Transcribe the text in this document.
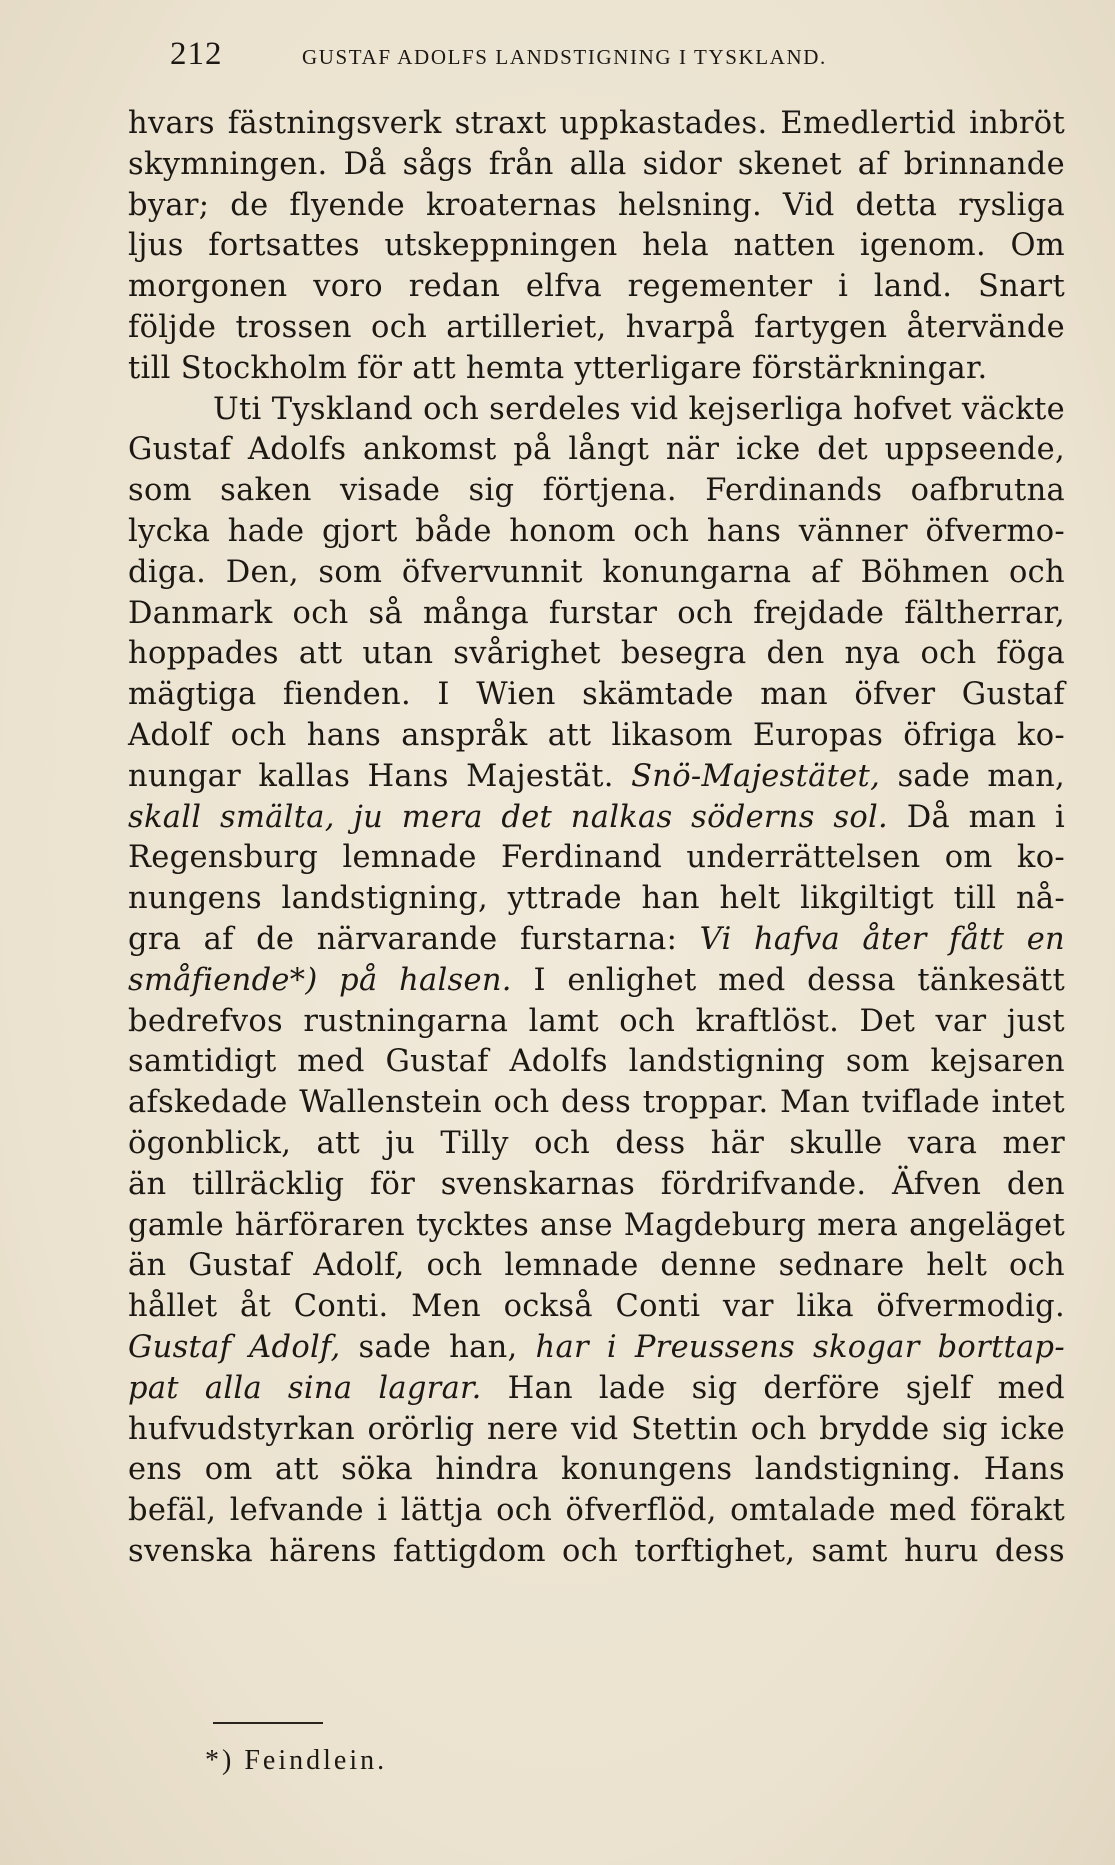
212	GUSTAF ADOLFS LANDSTIGNING I TYSKLAND.
hvars fästningsverk straxt uppkastades. Emedlertid inbröt
skymningen. Då sågs från alla sidor skenet af brinnande
byar; de flyende kroaternas helsning. Vid detta rysliga
ljus fortsattes utskeppningen hela natten igenom. Om
morgonen voro redan elfva regementer i land. Snart
följde trossen och artilleriet, hvarpå fartygen återvände
till Stockholm för att hemta ytterligare förstärkningar.
Uti Tyskland och serdeles vid kejserliga hofvet väckte
Gustaf Adolfs ankomst på långt när icke det uppseende,
som saken visade sig förtjena. Ferdinands oafbrutna
lycka hade gjort både honom och hans vänner öfvermo-
diga. Den, som öfvervunnit konungarna af Böhmen och
Danmark och så många furstar och frejdade fältherrar,
hoppades att utan svårighet besegra den nya och föga
mägtiga fienden. I Wien skämtade man öfver Gustaf
Adolf och hans anspråk att likasom Europas öfriga ko-
nungar kallas Hans Majestät. Snö-Majestätet, sade man,
skall smälta, ju mera det nalkas söderns sol. Då man i
Regensburg lemnade Ferdinand underrättelsen om ko-
nungens landstigning, yttrade han helt likgiltigt till nå-
gra af de närvarande furstarna: Vi hafva åter fått en
småfiende*) på halsen. I enlighet med dessa tänkesätt
bedrefvos rustningarna lamt och kraftlöst. Det var just
samtidigt med Gustaf Adolfs landstigning som kejsaren
afskedade Wallenstein och dess troppar. Man tviflade intet
ögonblick, att ju Tilly och dess här skulle vara mer
än tillräcklig för svenskarnas fördrifvande. Äfven den
gamle härföraren tycktes anse Magdeburg mera angeläget
än Gustaf Adolf, och lemnade denne sednare helt och
hållet åt Conti. Men också Conti var lika öfvermodig.
Gustaf Adolf, sade han, har i Preussens skogar borttap-
pat alla sina lagrar. Han lade sig derföre sjelf med
hufvudstyrkan orörlig nere vid Stettin och brydde sig icke
ens om att söka hindra konungens landstigning. Hans
befäl, lefvande i lättja och öfverflöd, omtalade med förakt
svenska härens fattigdom och torftighet, samt huru dess
*) Feindlein.
